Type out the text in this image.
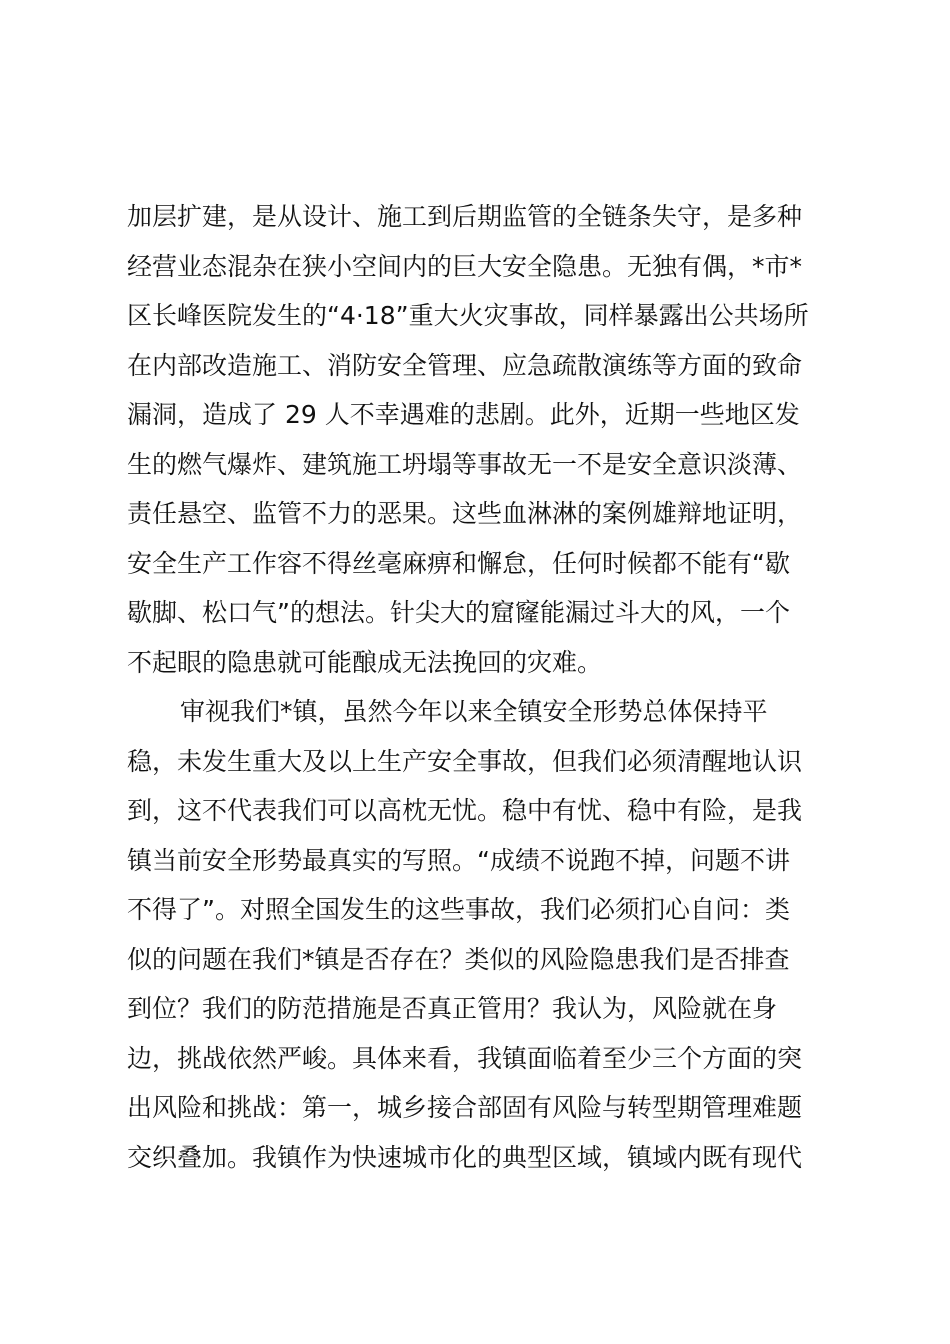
加层扩建，是从设计、施工到后期监管的全链条失守，是多种
经营业态混杂在狭小空间内的巨大安全隐患。无独有偶，*市*
区长峰医院发生的“4·18”重大火灾事故，同样暴露出公共场所
在内部改造施工、消防安全管理、应急疏散演练等方面的致命
漏洞，造成了 29 人不幸遇难的悲剧。此外，近期一些地区发
生的燃气爆炸、建筑施工坍塌等事故无一不是安全意识淡薄、
责任悬空、监管不力的恶果。这些血淋淋的案例雄辩地证明，
安全生产工作容不得丝毫麻痹和懈怠，任何时候都不能有“歇
歇脚、松口气”的想法。针尖大的窟窿能漏过斗大的风，一个
不起眼的隐患就可能酿成无法挽回的灾难。
审视我们*镇，虽然今年以来全镇安全形势总体保持平
稳，未发生重大及以上生产安全事故，但我们必须清醒地认识
到，这不代表我们可以高枕无忧。稳中有忧、稳中有险，是我
镇当前安全形势最真实的写照。“成绩不说跑不掉，问题不讲
不得了”。对照全国发生的这些事故，我们必须扪心自问：类
似的问题在我们*镇是否存在？类似的风险隐患我们是否排查
到位？我们的防范措施是否真正管用？我认为，风险就在身
边，挑战依然严峻。具体来看，我镇面临着至少三个方面的突
出风险和挑战：第一，城乡接合部固有风险与转型期管理难题
交织叠加。我镇作为快速城市化的典型区域，镇域内既有现代
